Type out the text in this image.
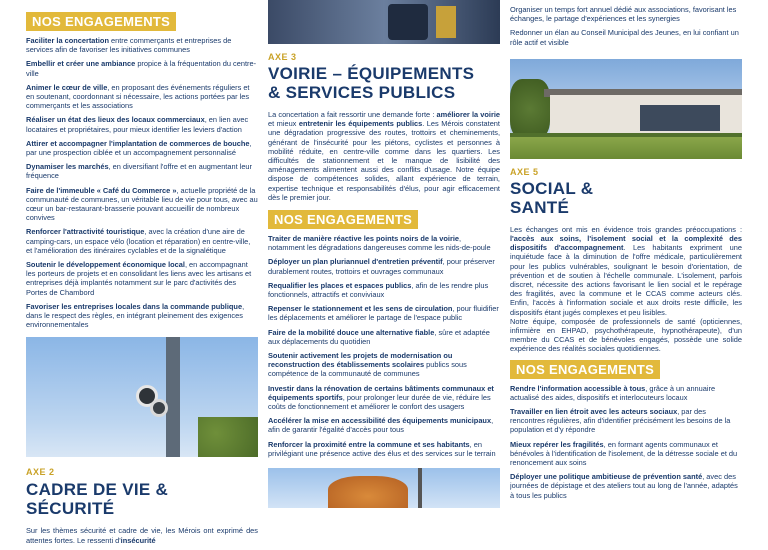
NOS ENGAGEMENTS
Faciliter la concertation entre commerçants et entreprises de services afin de favoriser les initiatives communes
Embellir et créer une ambiance propice à la fréquentation du centre-ville
Animer le cœur de ville, en proposant des événements réguliers et en soutenant, coordonnant si nécessaire, les actions portées par les commerçants et les associations
Réaliser un état des lieux des locaux commerciaux, en lien avec locataires et propriétaires, pour mieux identifier les leviers d'action
Attirer et accompagner l'implantation de commerces de bouche, par une prospection ciblée et un accompagnement personnalisé
Dynamiser les marchés, en diversifiant l'offre et en augmentant leur fréquence
Faire de l'immeuble « Café du Commerce », actuelle propriété de la communauté de communes, un véritable lieu de vie pour tous, avec au cœur un bar-restaurant-brasserie pouvant accueillir de nombreux convives
Renforcer l'attractivité touristique, avec la création d'une aire de camping-cars, un espace vélo (location et réparation) en centre-ville, et l'amélioration des itinéraires cyclables et de la signalétique
Soutenir le développement économique local, en accompagnant les porteurs de projets et en consolidant les liens avec les artisans et entreprises déjà implantés notamment sur le parc d'activités des Portes de Chambord
Favoriser les entreprises locales dans la commande publique, dans le respect des règles, en intégrant pleinement des exigences environnementales
AXE 2
CADRE DE VIE &
SÉCURITÉ
Sur les thèmes sécurité et cadre de vie, les Mérois ont exprimé des attentes fortes. Le ressenti d'insécurité
AXE 3
VOIRIE – ÉQUIPEMENTS
& SERVICES PUBLICS
La concertation a fait ressortir une demande forte : améliorer la voirie et mieux entretenir les équipements publics. Les Mérois constatent une dégradation progressive des routes, trottoirs et cheminements, générant de l'insécurité pour les piétons, cyclistes et personnes à mobilité réduite, en centre-ville comme dans les quartiers. Les difficultés de stationnement et le manque de lisibilité des aménagements alimentent aussi des conflits d'usage. Notre équipe dispose de compétences solides, allant expérience de terrain, expertise technique et responsabilités d'élus, pour agir efficacement dès le premier jour.
NOS ENGAGEMENTS
Traiter de manière réactive les points noirs de la voirie, notamment les dégradations dangereuses comme les nids-de-poule
Déployer un plan pluriannuel d'entretien préventif, pour préserver durablement routes, trottoirs et ouvrages communaux
Requalifier les places et espaces publics, afin de les rendre plus fonctionnels, attractifs et conviviaux
Repenser le stationnement et les sens de circulation, pour fluidifier les déplacements et améliorer le partage de l'espace public
Faire de la mobilité douce une alternative fiable, sûre et adaptée aux déplacements du quotidien
Soutenir activement les projets de modernisation ou reconstruction des établissements scolaires publics sous compétence de la communauté de communes
Investir dans la rénovation de certains bâtiments communaux et équipements sportifs, pour prolonger leur durée de vie, réduire les coûts de fonctionnement et améliorer le confort des usagers
Accélérer la mise en accessibilité des équipements municipaux, afin de garantir l'égalité d'accès pour tous
Renforcer la proximité entre la commune et ses habitants, en privilégiant une présence active des élus et des services sur le terrain
Organiser un temps fort annuel dédié aux associations, favorisant les échanges, le partage d'expériences et les synergies
Redonner un élan au Conseil Municipal des Jeunes, en lui confiant un rôle actif et visible
AXE 5
SOCIAL &
SANTÉ
Les échanges ont mis en évidence trois grandes préoccupations : l'accès aux soins, l'isolement social et la complexité des dispositifs d'accompagnement. Les habitants expriment une inquiétude face à la diminution de l'offre médicale, particulièrement pour les publics vulnérables, soulignant le besoin d'orientation, de prévention et de soutien à l'échelle communale. L'isolement, parfois discret, nécessite des actions favorisant le lien social et le repérage des fragilités, avec la commune et le CCAS comme acteurs clés. Enfin, l'accès à l'information sociale et aux droits reste difficile, les dispositifs étant jugés complexes et peu lisibles.
Notre équipe, composée de professionnels de santé (opticiennes, infirmière en EHPAD, psychothérapeute, hypnothérapeute), d'un membre du CCAS et de bénévoles engagés, possède une solide expérience des réalités sociales quotidiennes.
NOS ENGAGEMENTS
Rendre l'information accessible à tous, grâce à un annuaire actualisé des aides, dispositifs et interlocuteurs locaux
Travailler en lien étroit avec les acteurs sociaux, par des rencontres régulières, afin d'identifier précisément les besoins de la population et d'y répondre
Mieux repérer les fragilités, en formant agents communaux et bénévoles à l'identification de l'isolement, de la détresse sociale et du renoncement aux soins
Déployer une politique ambitieuse de prévention santé, avec des journées de dépistage et des ateliers tout au long de l'année, adaptés à tous les publics
